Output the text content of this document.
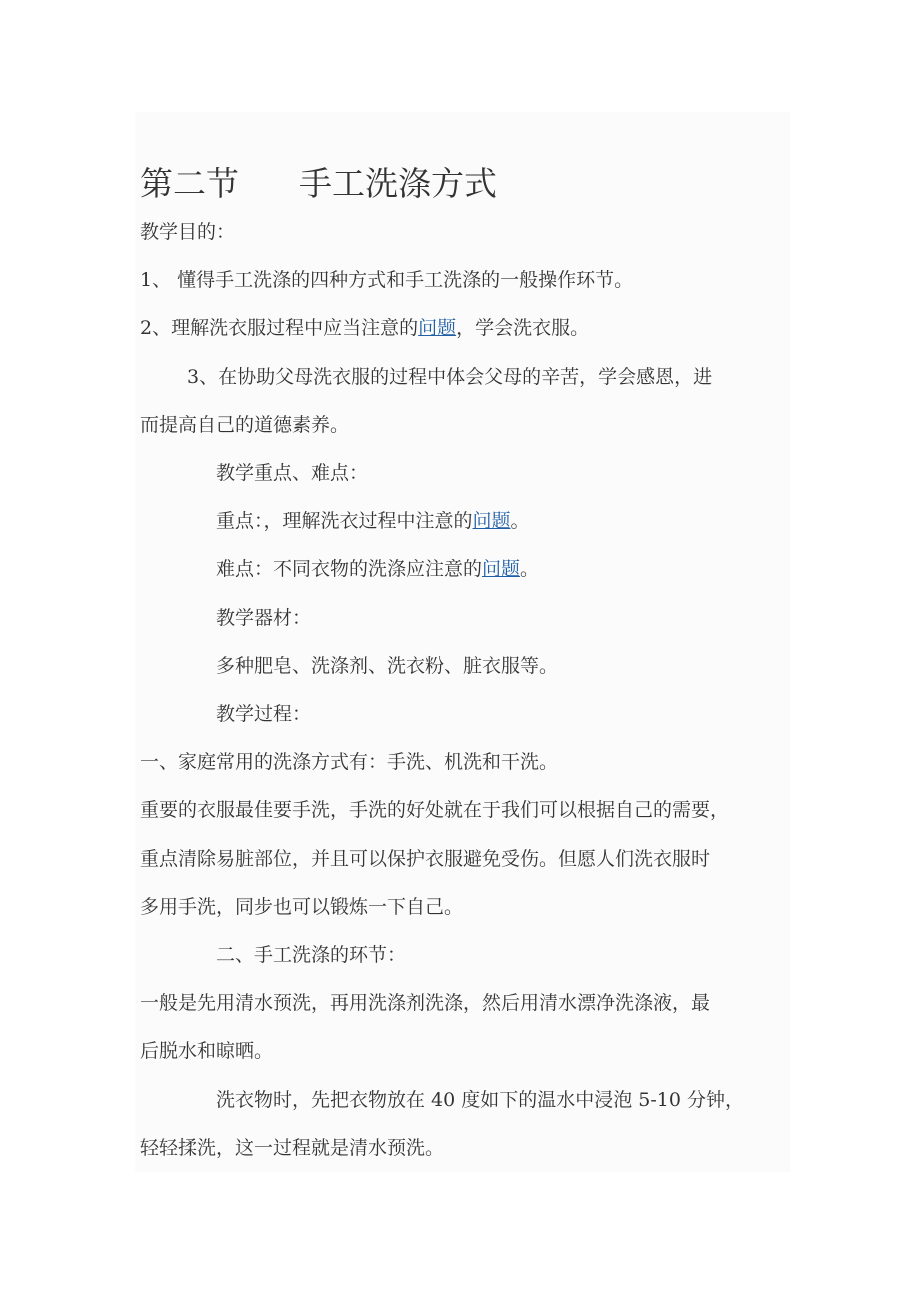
第二节 手工洗涤方式
教学目的：
1、 懂得手工洗涤的四种方式和手工洗涤的一般操作环节。
2、理解洗衣服过程中应当注意的问题，学会洗衣服。
3、在协助父母洗衣服的过程中体会父母的辛苦，学会感恩，进
而提高自己的道德素养。
教学重点、难点：
重点：，理解洗衣过程中注意的问题。
难点：不同衣物的洗涤应注意的问题。
教学器材：
多种肥皂、洗涤剂、洗衣粉、脏衣服等。
教学过程：
一、家庭常用的洗涤方式有：手洗、机洗和干洗。
重要的衣服最佳要手洗，手洗的好处就在于我们可以根据自己的需要，
重点清除易脏部位，并且可以保护衣服避免受伤。但愿人们洗衣服时
多用手洗，同步也可以锻炼一下自己。
二、手工洗涤的环节：
一般是先用清水预洗，再用洗涤剂洗涤，然后用清水漂净洗涤液，最
后脱水和晾晒。
洗衣物时，先把衣物放在 40 度如下的温水中浸泡 5-10 分钟，
轻轻揉洗，这一过程就是清水预洗。
